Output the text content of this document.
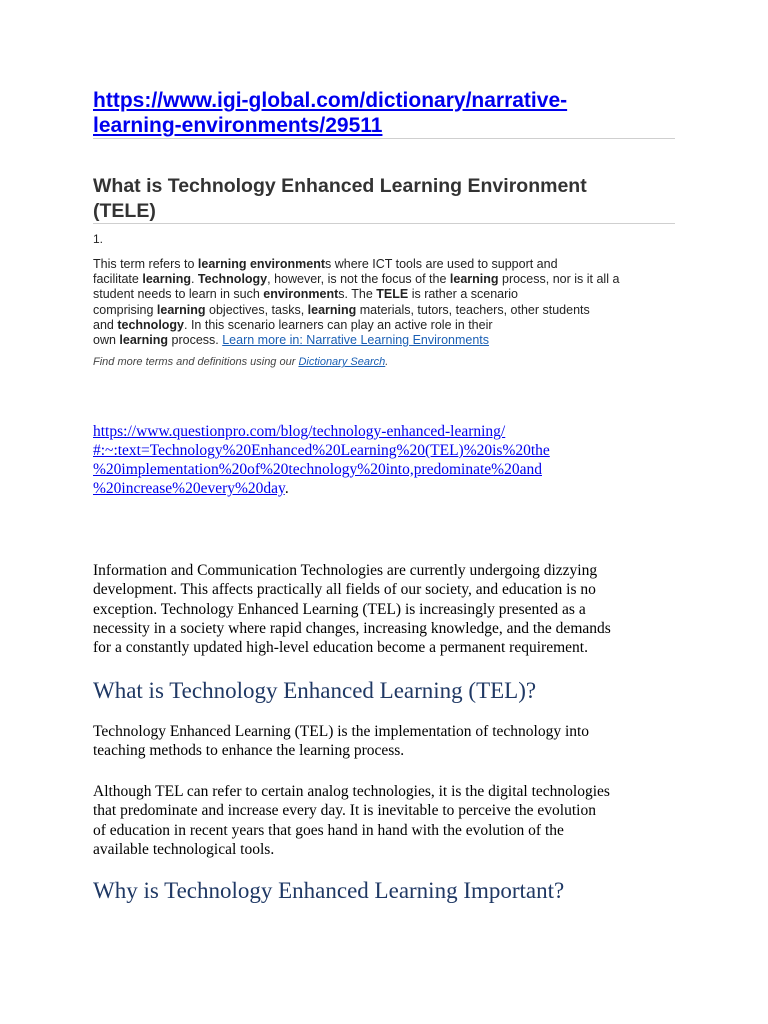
https://www.igi-global.com/dictionary/narrative-
learning-environments/29511
What is Technology Enhanced Learning Environment
(TELE)
1.
This term refers to learning environments where ICT tools are used to support and
facilitate learning. Technology, however, is not the focus of the learning process, nor is it all a
student needs to learn in such environments. The TELE is rather a scenario
comprising learning objectives, tasks, learning materials, tutors, teachers, other students
and technology. In this scenario learners can play an active role in their
own learning process. Learn more in: Narrative Learning Environments
Find more terms and definitions using our Dictionary Search.
https://www.questionpro.com/blog/technology-enhanced-learning/
#:~:text=Technology%20Enhanced%20Learning%20(TEL)%20is%20the
%20implementation%20of%20technology%20into,predominate%20and
%20increase%20every%20day.
Information and Communication Technologies are currently undergoing dizzying
development. This affects practically all fields of our society, and education is no
exception. Technology Enhanced Learning (TEL) is increasingly presented as a
necessity in a society where rapid changes, increasing knowledge, and the demands
for a constantly updated high-level education become a permanent requirement.
What is Technology Enhanced Learning (TEL)?
Technology Enhanced Learning (TEL) is the implementation of technology into
teaching methods to enhance the learning process.
Although TEL can refer to certain analog technologies, it is the digital technologies
that predominate and increase every day. It is inevitable to perceive the evolution
of education in recent years that goes hand in hand with the evolution of the
available technological tools.
Why is Technology Enhanced Learning Important?
